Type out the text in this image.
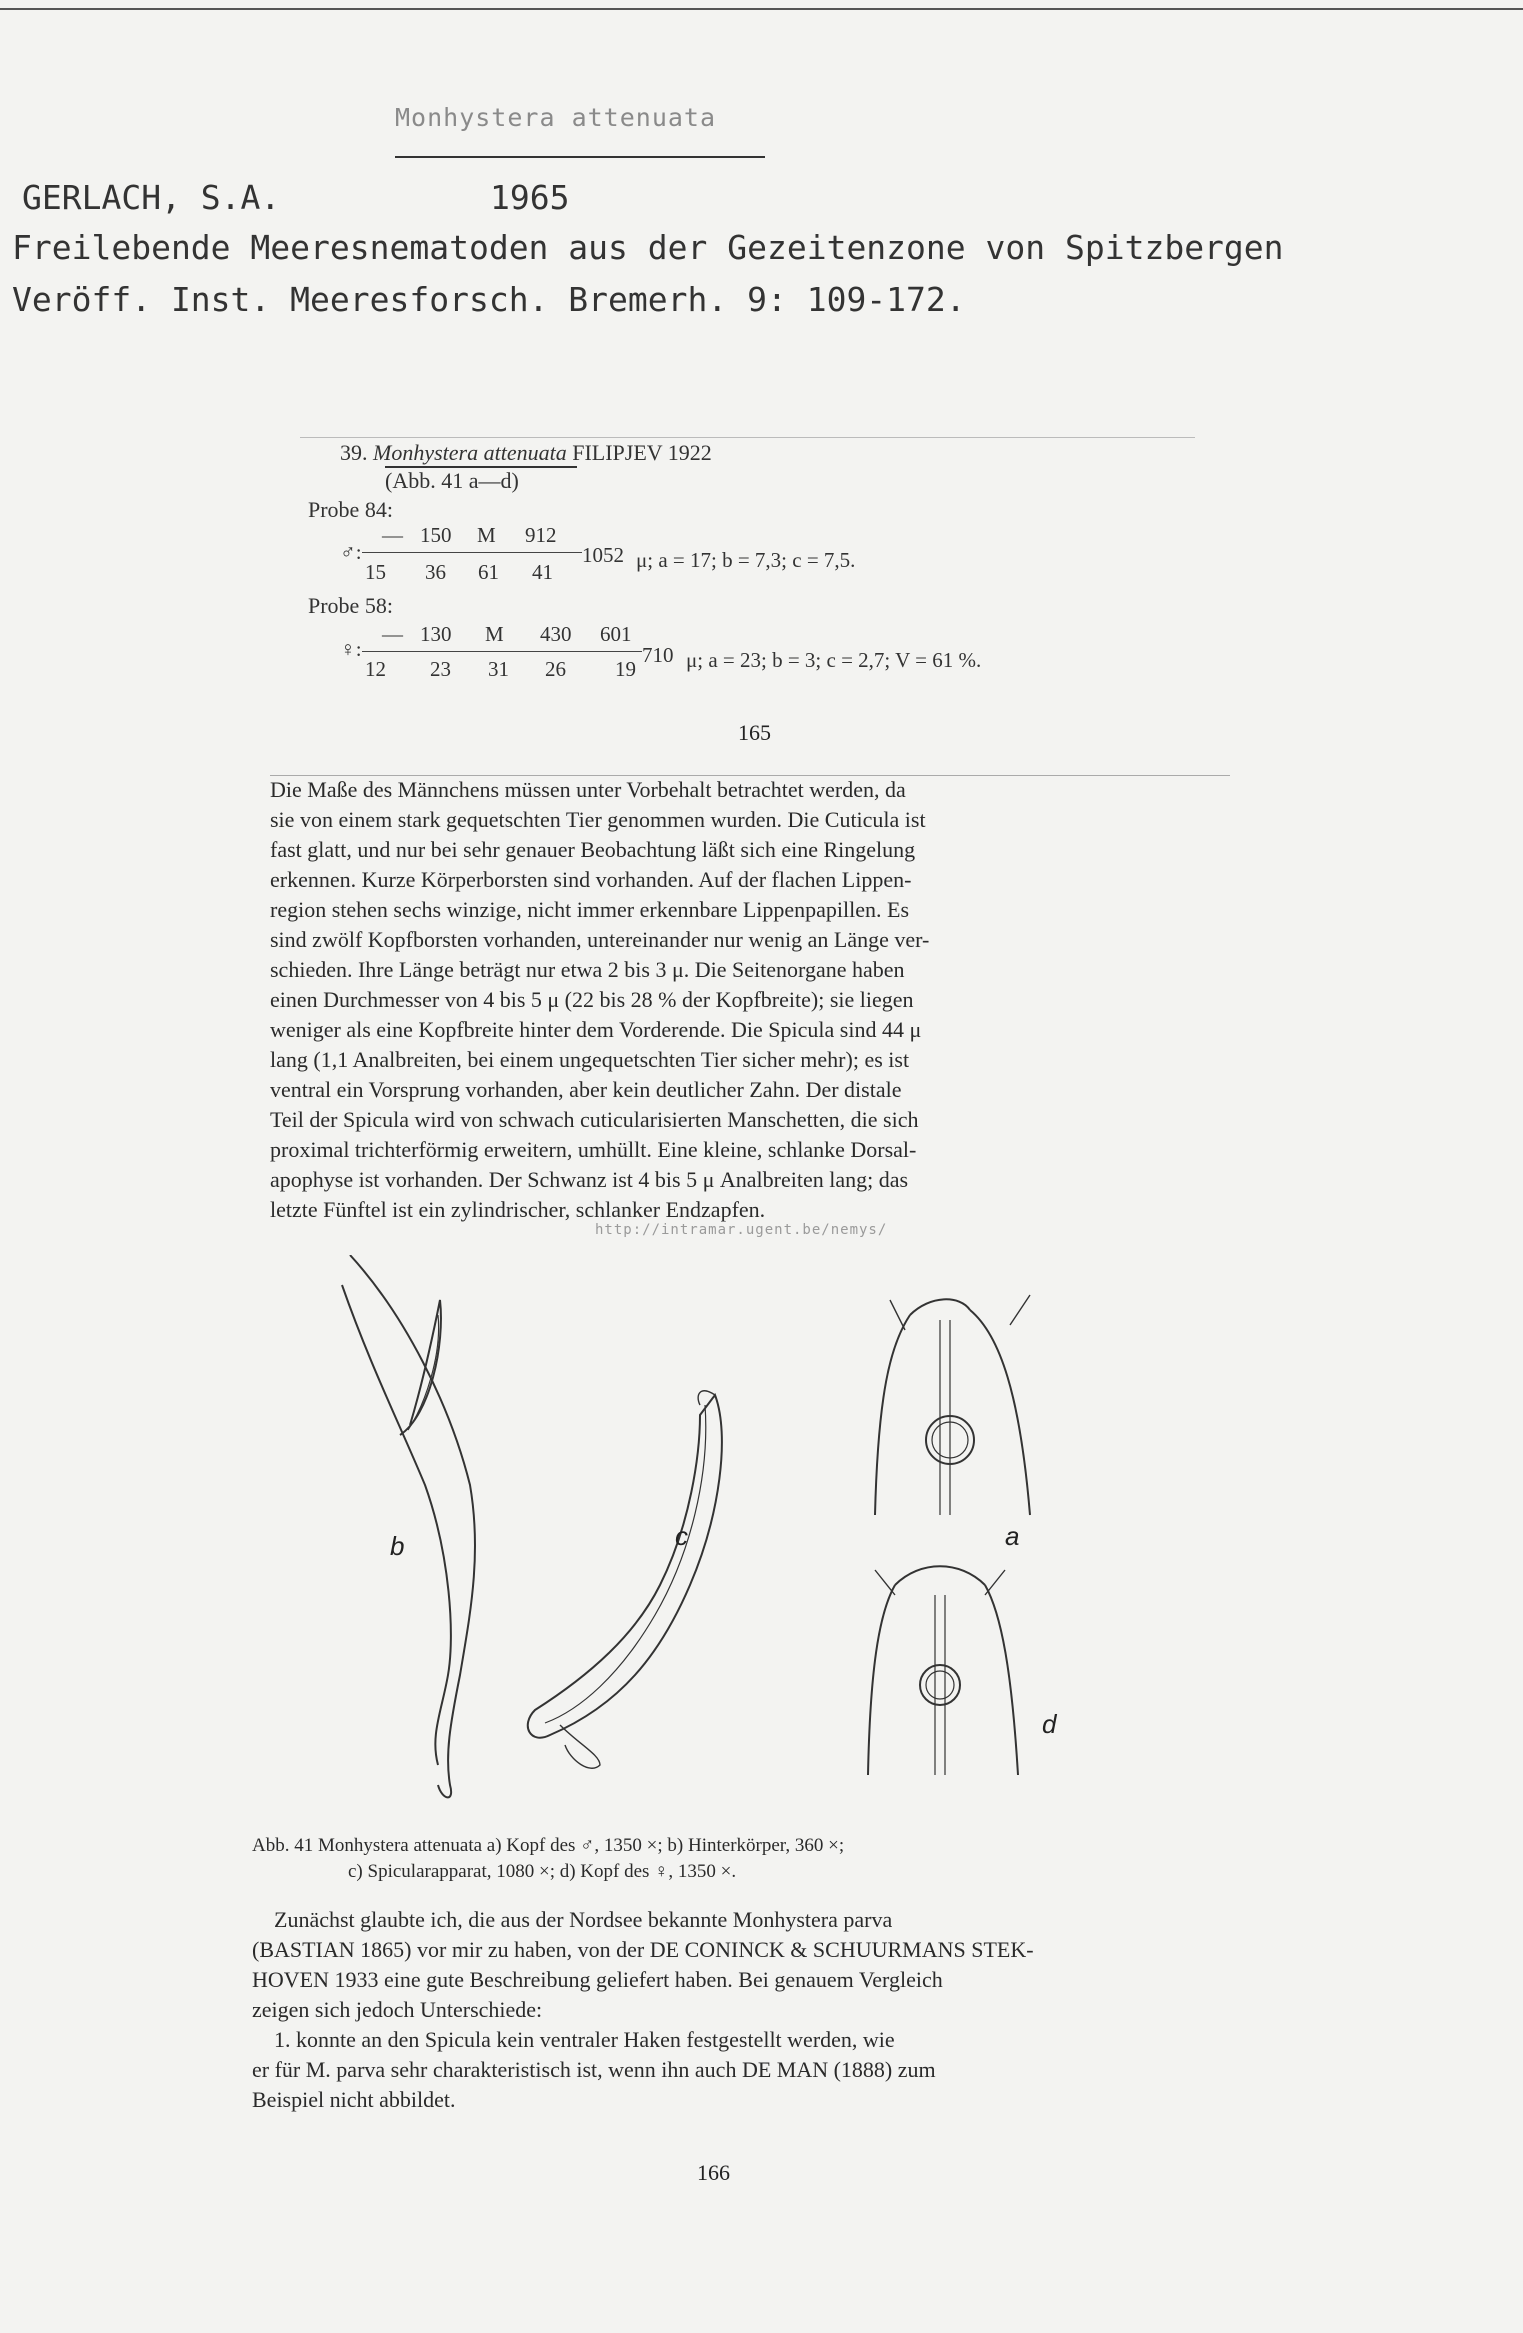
Monhystera attenuata
GERLACH, S.A.	1965
Freilebende Meeresnematoden aus der Gezeitenzone von Spitzbergen
Veröff. Inst. Meeresforsch. Bremerh. 9: 109-172.
39. Monhystera attenuata FILIPJEV 1922
(Abb. 41 a—d)
Probe 84:
♂:
— 150 M 912
15 36 61 41
1052 μ; a = 17; b = 7,3; c = 7,5.
Probe 58:
♀:
— 130 M 430 601
12 23 31 26 19
710 μ; a = 23; b = 3; c = 2,7; V = 61 %.
165
Die Maße des Männchens müssen unter Vorbehalt betrachtet werden, da
sie von einem stark gequetschten Tier genommen wurden. Die Cuticula ist
fast glatt, und nur bei sehr genauer Beobachtung läßt sich eine Ringelung
erkennen. Kurze Körperborsten sind vorhanden. Auf der flachen Lippen-
region stehen sechs winzige, nicht immer erkennbare Lippenpapillen. Es
sind zwölf Kopfborsten vorhanden, untereinander nur wenig an Länge ver-
schieden. Ihre Länge beträgt nur etwa 2 bis 3 μ. Die Seitenorgane haben
einen Durchmesser von 4 bis 5 μ (22 bis 28 % der Kopfbreite); sie liegen
weniger als eine Kopfbreite hinter dem Vorderende. Die Spicula sind 44 μ
lang (1,1 Analbreiten, bei einem ungequetschten Tier sicher mehr); es ist
ventral ein Vorsprung vorhanden, aber kein deutlicher Zahn. Der distale
Teil der Spicula wird von schwach cuticularisierten Manschetten, die sich
proximal trichterförmig erweitern, umhüllt. Eine kleine, schlanke Dorsal-
apophyse ist vorhanden. Der Schwanz ist 4 bis 5 μ Analbreiten lang; das
letzte Fünftel ist ein zylindrischer, schlanker Endzapfen.
http://intramar.ugent.be/nemys/
b	c	a
d
Abb. 41 Monhystera attenuata a) Kopf des ♂, 1350 ×; b) Hinterkörper, 360 ×;
c) Spicularapparat, 1080 ×; d) Kopf des ♀, 1350 ×.
Zunächst glaubte ich, die aus der Nordsee bekannte Monhystera parva
(BASTIAN 1865) vor mir zu haben, von der DE CONINCK & SCHUURMANS STEK-
HOVEN 1933 eine gute Beschreibung geliefert haben. Bei genauem Vergleich
zeigen sich jedoch Unterschiede:
1. konnte an den Spicula kein ventraler Haken festgestellt werden, wie
er für M. parva sehr charakteristisch ist, wenn ihn auch DE MAN (1888) zum
Beispiel nicht abbildet.
166
